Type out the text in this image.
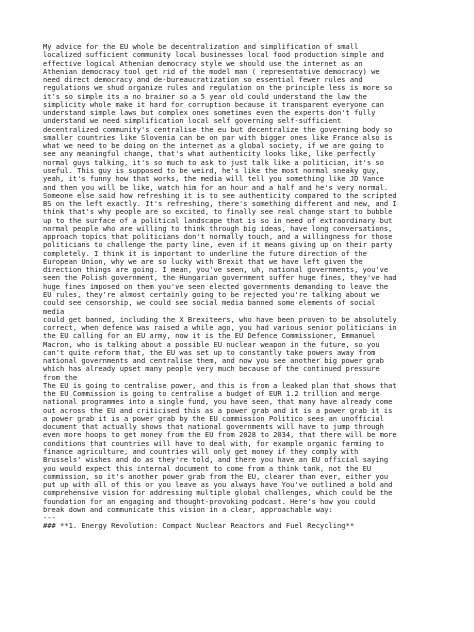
My advice for the EU whole be decentralization and simplification of small
localized sufficient community local businesses local food production simple and
effective logical Athenian democracy style we should use the internet as an
Athenian democracy tool get rid of the model man ( representative democracy) we
need direct democracy and de-bureaucratization so essential fewer rules and
regulations we shud organize rules and regulation on the principle less is more so
it's so simple its a no brainer so a 5 year old could understand the law the
simplicity whole make it hard for corruption because it transparent everyone can
understand simple laws but complex ones sometimes even the experts don't fully
understand we need simplification local self governing self-sufficient
decentralized community's centralise the eu but decentralize the governing body so
smaller countries like Slovenia can be on par with bigger ones like France also is
what we need to be doing on the internet as a global society, if we are going to
see any meaningful change, that's what authenticity looks like, like perfectly
normal guys talking, it's so much to ask to just talk like a politician, it's so
useful. This guy is supposed to be weird, he's like the most normal sneaky guy,
yeah, it's funny how that works, the media will tell you something like JD Vance
and then you will be like, watch him for an hour and a half and he's very normal.
Someone else said how refreshing it is to see authenticity compared to the scripted
BS on the left exactly. It's refreshing, there's something different and new, and I
think that's why people are so excited, to finally see real change start to bubble
up to the surface of a political landscape that is so in need of extraordinary but
normal people who are willing to think through big ideas, have long conversations,
approach topics that politicians don't normally touch, and a willingness for those
politicians to challenge the party line, even if it means giving up on their party
completely. I think it is important to underline the future direction of the
European Union, why we are so lucky with Brexit that we have left given the
direction things are going. I mean, you've seen, uh, national governments, you've
seen the Polish government, the Hungarian government suffer huge fines, they've had
huge fines imposed on them you've seen elected governments demanding to leave the
EU rules, they're almost certainly going to be rejected you're talking about we
could see censorship, we could see social media banned some elements of social
media
could get banned, including the X Brexiteers, who have been proven to be absolutely
correct, when defence was raised a while ago, you had various senior politicians in
the EU calling for an EU army, now it is the EU Defence Commissioner, Emmanuel
Macron, who is talking about a possible EU nuclear weapon in the future, so you
can't quite reform that, the EU was set up to constantly take powers away from
national governments and centralise them, and now you see another big power grab
which has already upset many people very much because of the continued pressure
from the
The EU is going to centralise power, and this is from a leaked plan that shows that
the EU Commission is going to centralise a budget of EUR 1.2 trillion and merge
national programmes into a single fund, you have seen, that many have already come
out across the EU and criticised this as a power grab and it is a power grab it is
a power grab it is a power grab by the EU commission Politico sees an unofficial
document that actually shows that national governments will have to jump through
even more hoops to get money from the EU from 2028 to 2034, that there will be more
conditions that countries will have to deal with, for example organic farming to
finance agriculture, and countries will only get money if they comply with
Brussels' wishes and do as they're told, and there you have an EU official saying
you would expect this internal document to come from a think tank, not the EU
commission, so it's another power grab from the EU, clearer than ever, either you
put up with all of this or you leave as you always have You've outlined a bold and
comprehensive vision for addressing multiple global challenges, which could be the
foundation for an engaging and thought-provoking podcast. Here's how you could
break down and communicate this vision in a clear, approachable way:
---
### **1. Energy Revolution: Compact Nuclear Reactors and Fuel Recycling**
